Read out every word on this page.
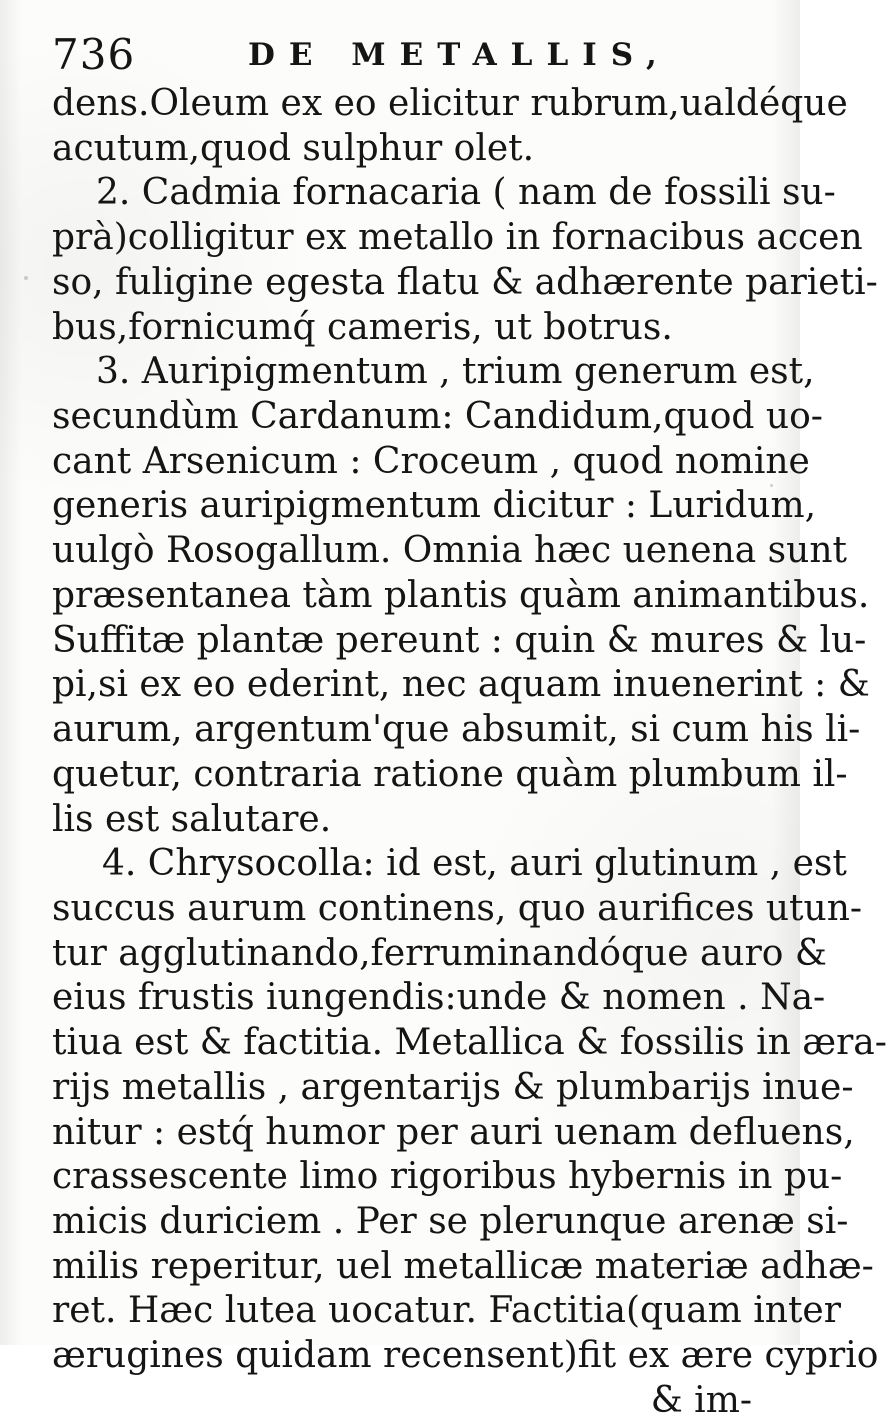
736	DE METALLIS,
dens.Oleum ex eo elicitur rubrum,ualdéque
acutum,quod sulphur olet.
2. Cadmia fornacaria ( nam de fossili su-
prà)colligitur ex metallo in fornacibus accen
so, fuligine egesta flatu & adhærente parieti-
bus,fornicumq́ cameris, ut botrus.
3. Auripigmentum , trium generum est,
secundùm Cardanum: Candidum,quod uo-
cant Arsenicum : Croceum , quod nomine
generis auripigmentum dicitur : Luridum,
uulgò Rosogallum. Omnia hæc uenena sunt
præsentanea tàm plantis quàm animantibus.
Suffitæ plantæ pereunt : quin & mures & lu-
pi,si ex eo ederint, nec aquam inuenerint : &
aurum, argentum'que absumit, si cum his li-
quetur, contraria ratione quàm plumbum il-
lis est salutare.
4. Chrysocolla: id est, auri glutinum , est
succus aurum continens, quo aurifices utun-
tur agglutinando,ferruminandóque auro &
eius frustis iungendis:unde & nomen . Na-
tiua est & factitia. Metallica & fossilis in æra-
rijs metallis , argentarijs & plumbarijs inue-
nitur : estq́ humor per auri uenam defluens,
crassescente limo rigoribus hybernis in pu-
micis duriciem . Per se plerunque arenæ si-
milis reperitur, uel metallicæ materiæ adhæ-
ret. Hæc lutea uocatur. Factitia(quam inter
ærugines quidam recensent)fit ex ære cyprio
& im-
